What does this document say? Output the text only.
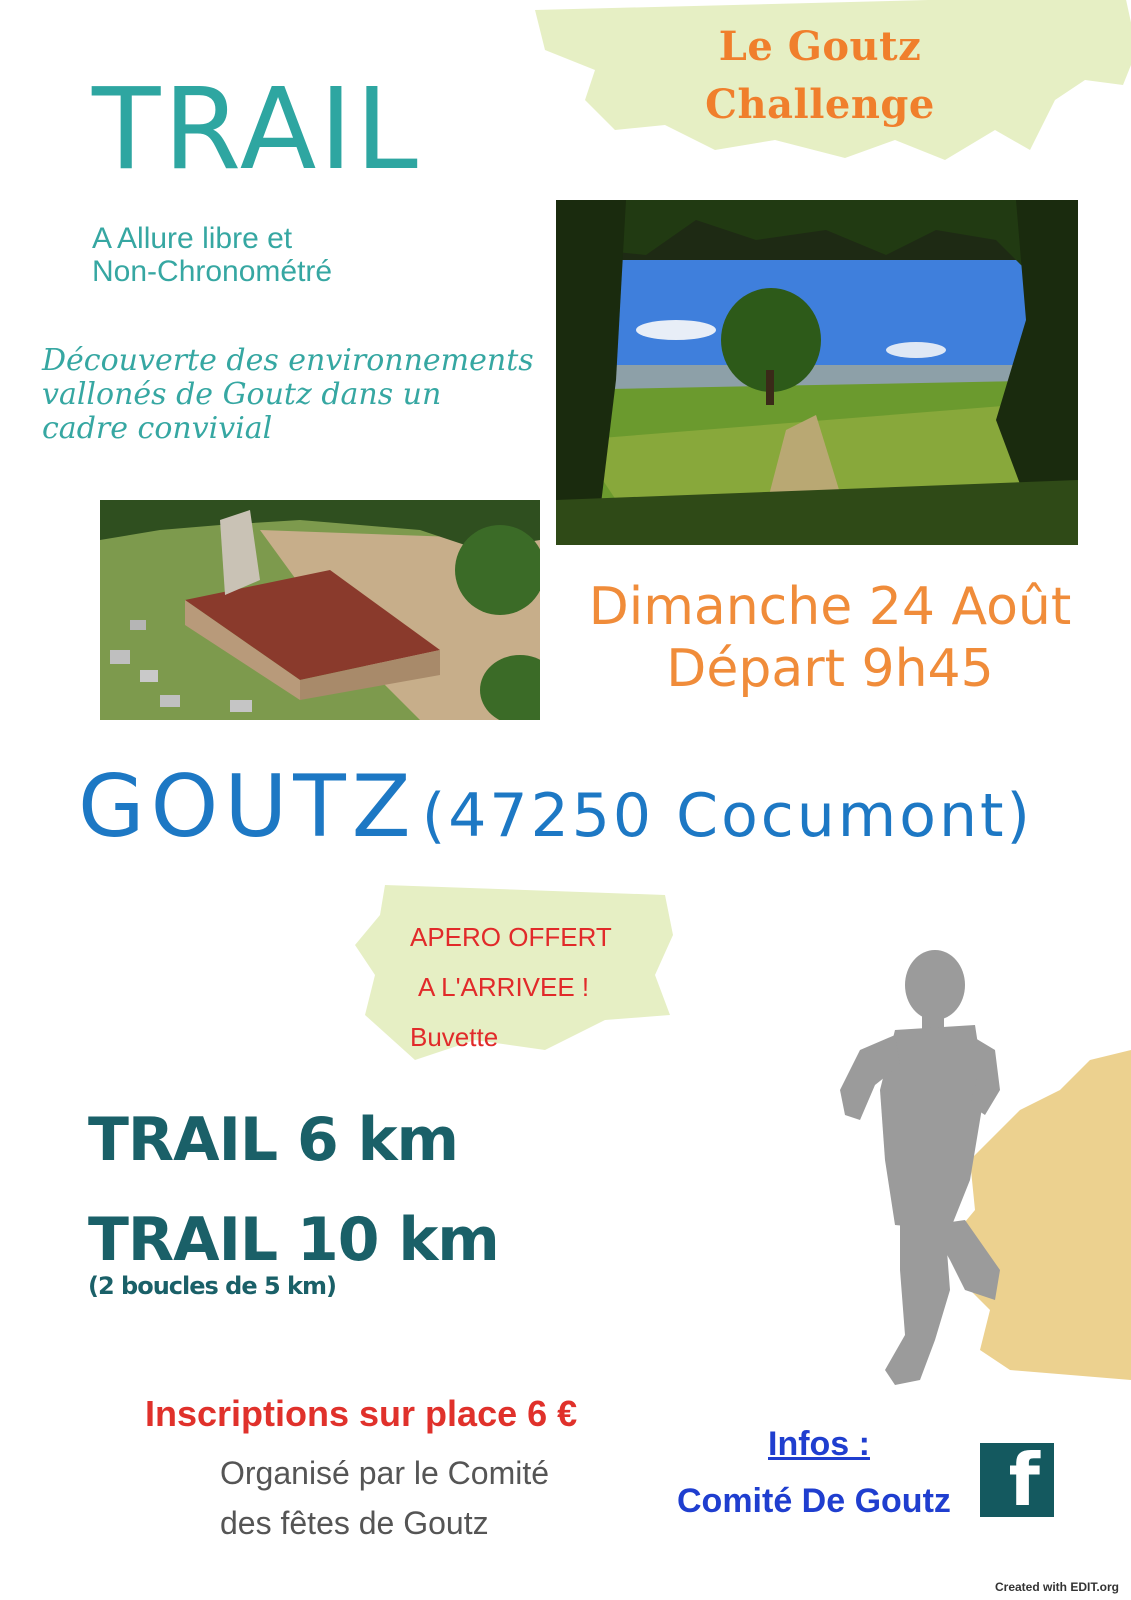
Le Goutz
Challenge
TRAIL
A Allure libre et
Non-Chronométré
Découverte des environnements
vallonés de Goutz dans un
cadre convivial
Dimanche 24 Août
Départ 9h45
GOUTZ (47250 Cocumont)
APERO OFFERT
A L'ARRIVEE !
Buvette
TRAIL 6 km
TRAIL 10 km
(2 boucles de 5 km)
Inscriptions sur place 6 €
Organisé par le Comité
des fêtes de Goutz
Infos :
Comité De Goutz f
Created with EDIT.org
